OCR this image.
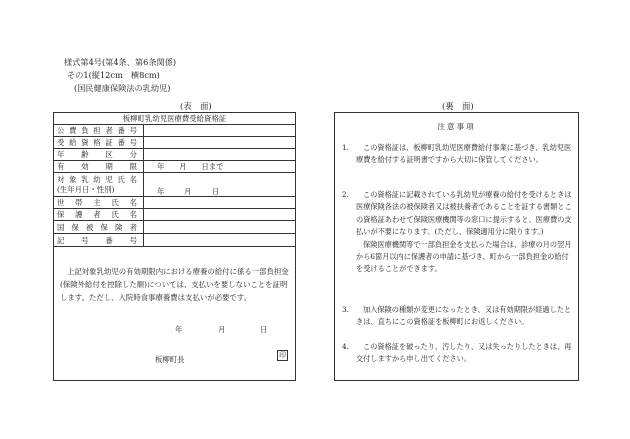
様式第4号(第4条、第6条関係)
その1(縦12cm　横8cm)
(国民健康保険法の乳幼児)
(表　面)	(裏　面)
板柳町乳幼児医療費受給資格証
公 費 負 担 者 番 号
受 給 資 格 証 番 号
年 齢 区 分
有 効 期 限	年　　月　　日まで
対 象 乳 幼 児 氏 名
(生年月日・性別)	年	月	日
世 帯 主 氏 名
保 護 者 氏 名
国 保 被 保 険 者
記 号 番 号
上記対象乳幼児の有効期限内における療養の給付に係る一部負担金(保険外給付を控除した額)については、支払いを要しないことを証明します。ただし、入院時食事療養費は支払いが必要です。
年	月	日
板柳町長	印
注意事項
1.	この資格証は、板柳町乳幼児医療費給付事業に基づき、乳幼児医療費を給付する証明書ですから大切に保管してください。

2.	この資格証に記載されている乳幼児が療養の給付を受けるときは医療保険各法の被保険者又は被扶養者であることを証する書類とこの資格証あわせて保険医療機関等の窓口に提示すると、医療費の支払いが不要になります。(ただし、保険適用分に限ります。)

保険医療機関等で一部負担金を支払った場合は、診療の月の翌月から6箇月以内に保護者の申請に基づき、町から一部負担金の給付を受けることができます。

3.	加入保険の種類が変更になったとき、又は有効期限が経過したときは、直ちにこの資格証を板柳町にお返しください。

4.	この資格証を破ったり、汚したり、又は失ったりしたときは、再交付しますから申し出てください。
